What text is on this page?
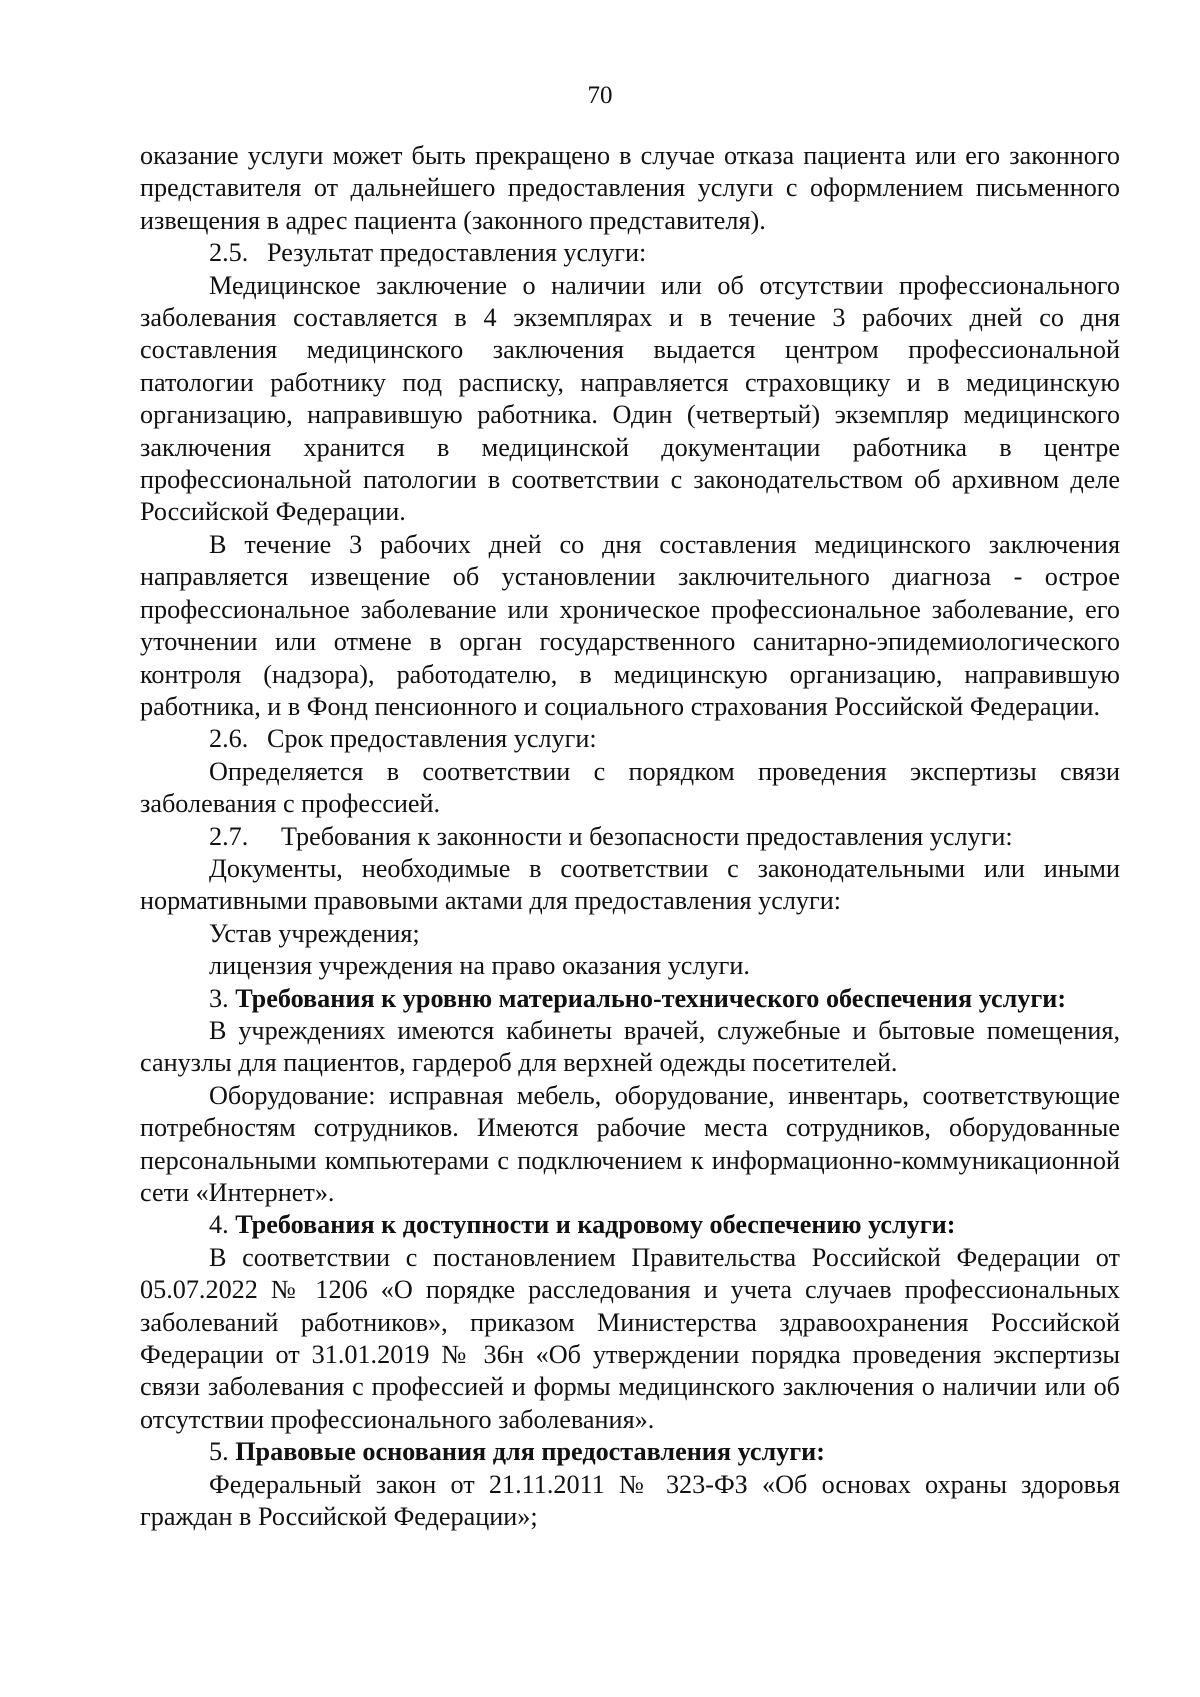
70

оказание услуги может быть прекращено в случае отказа пациента или его законного представителя от дальнейшего предоставления услуги с оформлением письменного извещения в адрес пациента (законного представителя).

2.5. Результат предоставления услуги:

Медицинское заключение о наличии или об отсутствии профессионального заболевания составляется в 4 экземплярах и в течение 3 рабочих дней со дня составления медицинского заключения выдается центром профессиональной патологии работнику под расписку, направляется страховщику и в медицинскую организацию, направившую работника. Один (четвертый) экземпляр медицинского заключения хранится в медицинской документации работника в центре профессиональной патологии в соответствии с законодательством об архивном деле Российской Федерации.

В течение 3 рабочих дней со дня составления медицинского заключения направляется извещение об установлении заключительного диагноза - острое профессиональное заболевание или хроническое профессиональное заболевание, его уточнении или отмене в орган государственного санитарно-эпидемиологического контроля (надзора), работодателю, в медицинскую организацию, направившую работника, и в Фонд пенсионного и социального страхования Российской Федерации.

2.6. Срок предоставления услуги:

Определяется в соответствии с порядком проведения экспертизы связи заболевания с профессией.

2.7. Требования к законности и безопасности предоставления услуги:

Документы, необходимые в соответствии с законодательными или иными нормативными правовыми актами для предоставления услуги:

Устав учреждения;

лицензия учреждения на право оказания услуги.

3. Требования к уровню материально-технического обеспечения услуги:

В учреждениях имеются кабинеты врачей, служебные и бытовые помещения, санузлы для пациентов, гардероб для верхней одежды посетителей.

Оборудование: исправная мебель, оборудование, инвентарь, соответствующие потребностям сотрудников. Имеются рабочие места сотрудников, оборудованные персональными компьютерами с подключением к информационно-коммуникационной сети «Интернет».

4. Требования к доступности и кадровому обеспечению услуги:

В соответствии с постановлением Правительства Российской Федерации от 05.07.2022 № 1206 «О порядке расследования и учета случаев профессиональных заболеваний работников», приказом Министерства здравоохранения Российской Федерации от 31.01.2019 № 36н «Об утверждении порядка проведения экспертизы связи заболевания с профессией и формы медицинского заключения о наличии или об отсутствии профессионального заболевания».

5. Правовые основания для предоставления услуги:

Федеральный закон от 21.11.2011 № 323-ФЗ «Об основах охраны здоровья граждан в Российской Федерации»;
